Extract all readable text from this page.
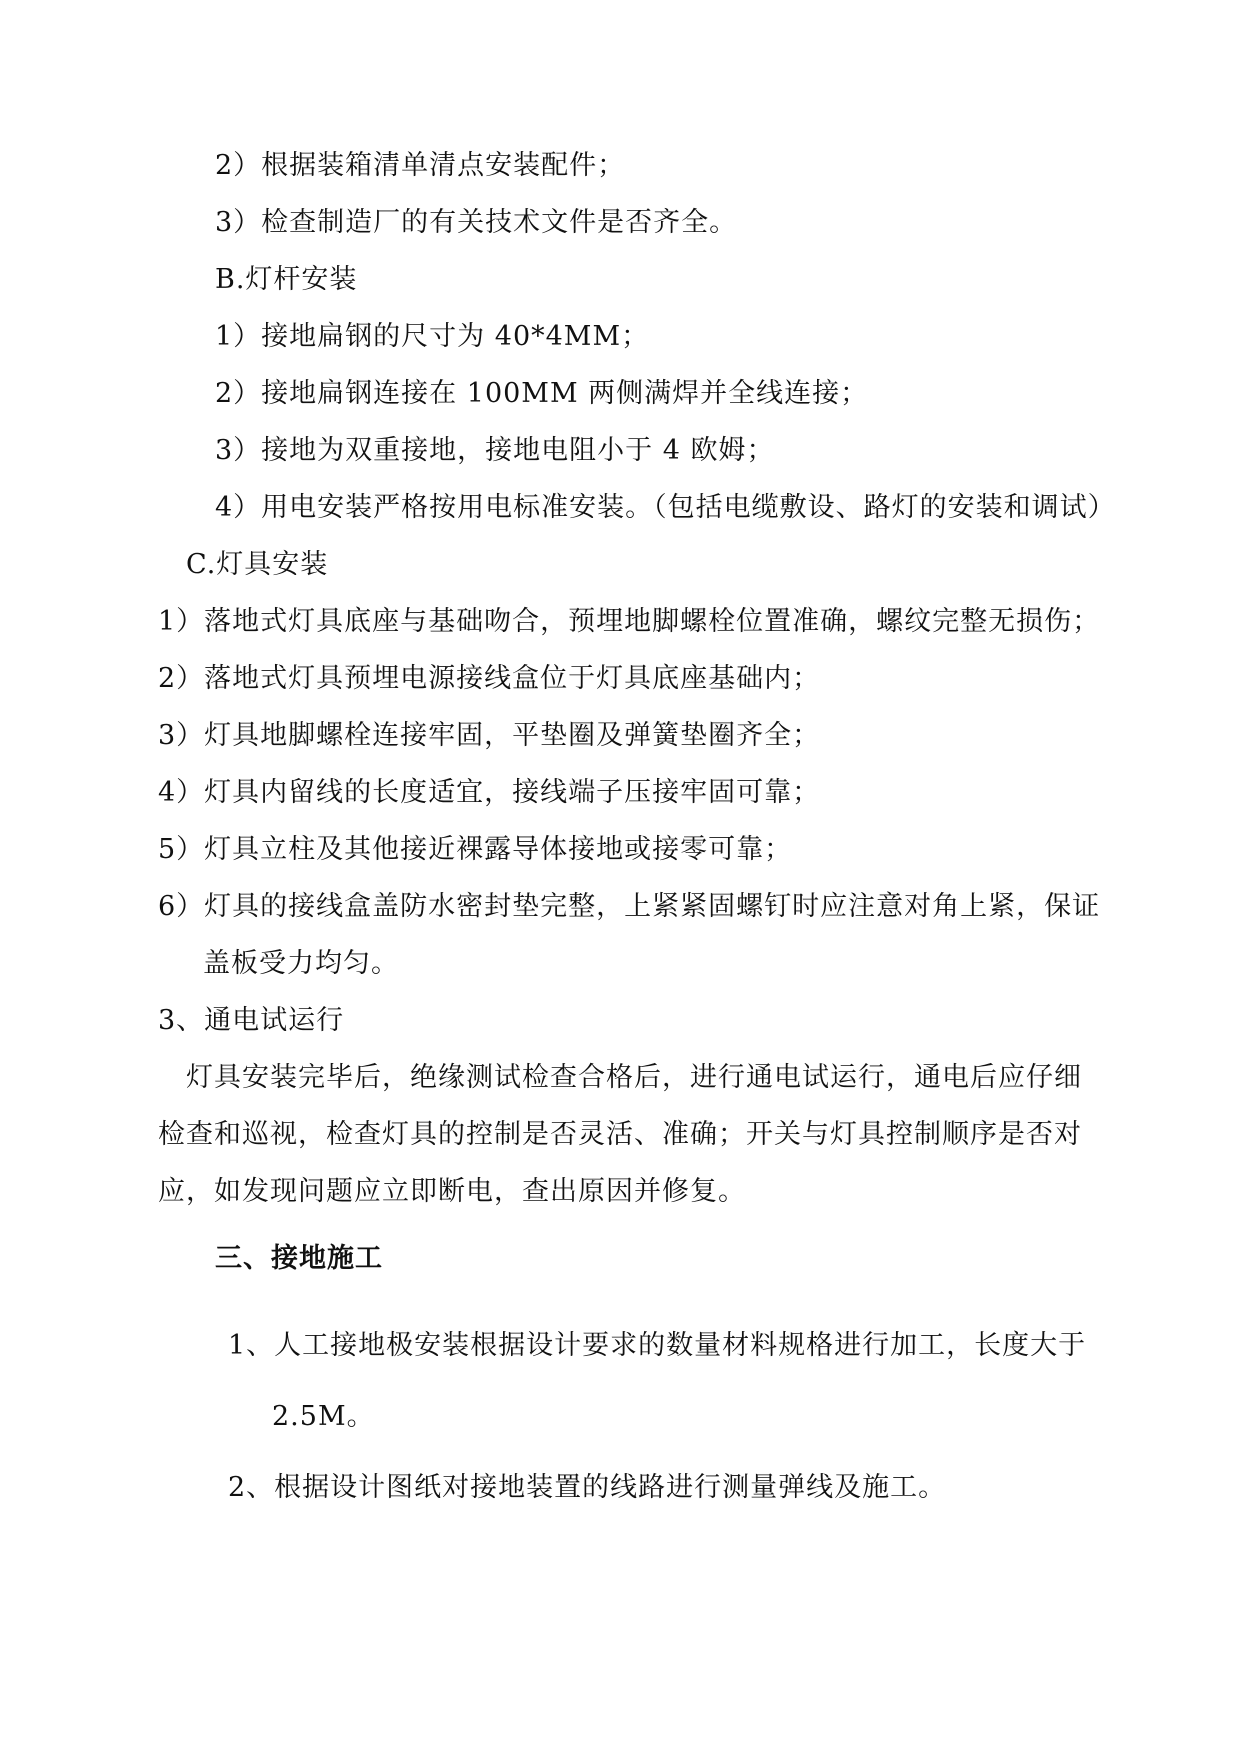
2）根据装箱清单清点安装配件；
3）检查制造厂的有关技术文件是否齐全。
B.灯杆安装
1）接地扁钢的尺寸为 40*4MM；
2）接地扁钢连接在 100MM 两侧满焊并全线连接；
3）接地为双重接地，接地电阻小于 4 欧姆；
4）用电安装严格按用电标准安装。（包括电缆敷设、路灯的安装和调试）
C.灯具安装
1）落地式灯具底座与基础吻合，预埋地脚螺栓位置准确，螺纹完整无损伤；
2）落地式灯具预埋电源接线盒位于灯具底座基础内；
3）灯具地脚螺栓连接牢固，平垫圈及弹簧垫圈齐全；
4）灯具内留线的长度适宜，接线端子压接牢固可靠；
5）灯具立柱及其他接近裸露导体接地或接零可靠；
6）灯具的接线盒盖防水密封垫完整，上紧紧固螺钉时应注意对角上紧，保证
盖板受力均匀。
3、通电试运行
灯具安装完毕后，绝缘测试检查合格后，进行通电试运行，通电后应仔细
检查和巡视，检查灯具的控制是否灵活、准确；开关与灯具控制顺序是否对
应，如发现问题应立即断电，查出原因并修复。
三、接地施工
1、人工接地极安装根据设计要求的数量材料规格进行加工，长度大于
2.5M。
2、根据设计图纸对接地装置的线路进行测量弹线及施工。
